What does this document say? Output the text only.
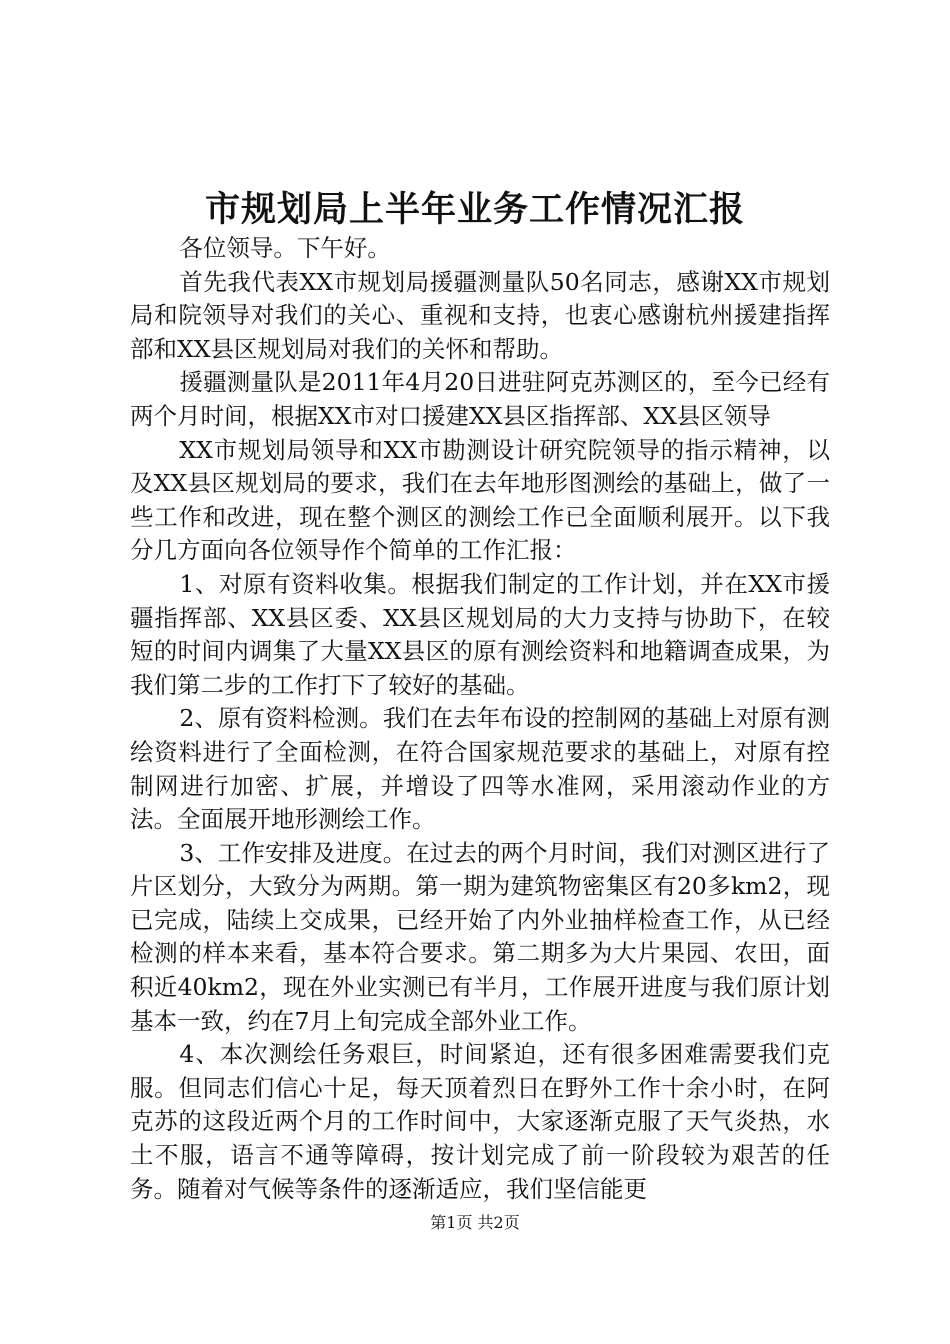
市规划局上半年业务工作情况汇报

各位领导。下午好。

首先我代表XX市规划局援疆测量队50名同志，感谢XX市规划局和院领导对我们的关心、重视和支持，也衷心感谢杭州援建指挥部和XX县区规划局对我们的关怀和帮助。

援疆测量队是2011年4月20日进驻阿克苏测区的，至今已经有两个月时间，根据XX市对口援建XX县区指挥部、XX县区领导

XX市规划局领导和XX市勘测设计研究院领导的指示精神，以及XX县区规划局的要求，我们在去年地形图测绘的基础上，做了一些工作和改进，现在整个测区的测绘工作已全面顺利展开。以下我分几方面向各位领导作个简单的工作汇报：

1、对原有资料收集。根据我们制定的工作计划，并在XX市援疆指挥部、XX县区委、XX县区规划局的大力支持与协助下，在较短的时间内调集了大量XX县区的原有测绘资料和地籍调查成果，为我们第二步的工作打下了较好的基础。

2、原有资料检测。我们在去年布设的控制网的基础上对原有测绘资料进行了全面检测，在符合国家规范要求的基础上，对原有控制网进行加密、扩展，并增设了四等水准网，采用滚动作业的方法。全面展开地形测绘工作。

3、工作安排及进度。在过去的两个月时间，我们对测区进行了片区划分，大致分为两期。第一期为建筑物密集区有20多km2，现已完成，陆续上交成果，已经开始了内外业抽样检查工作，从已经检测的样本来看，基本符合要求。第二期多为大片果园、农田，面积近40km2，现在外业实测已有半月，工作展开进度与我们原计划基本一致，约在7月上旬完成全部外业工作。

4、本次测绘任务艰巨，时间紧迫，还有很多困难需要我们克服。但同志们信心十足，每天顶着烈日在野外工作十余小时，在阿克苏的这段近两个月的工作时间中，大家逐渐克服了天气炎热，水土不服，语言不通等障碍，按计划完成了前一阶段较为艰苦的任务。随着对气候等条件的逐渐适应，我们坚信能更

第1页 共2页
